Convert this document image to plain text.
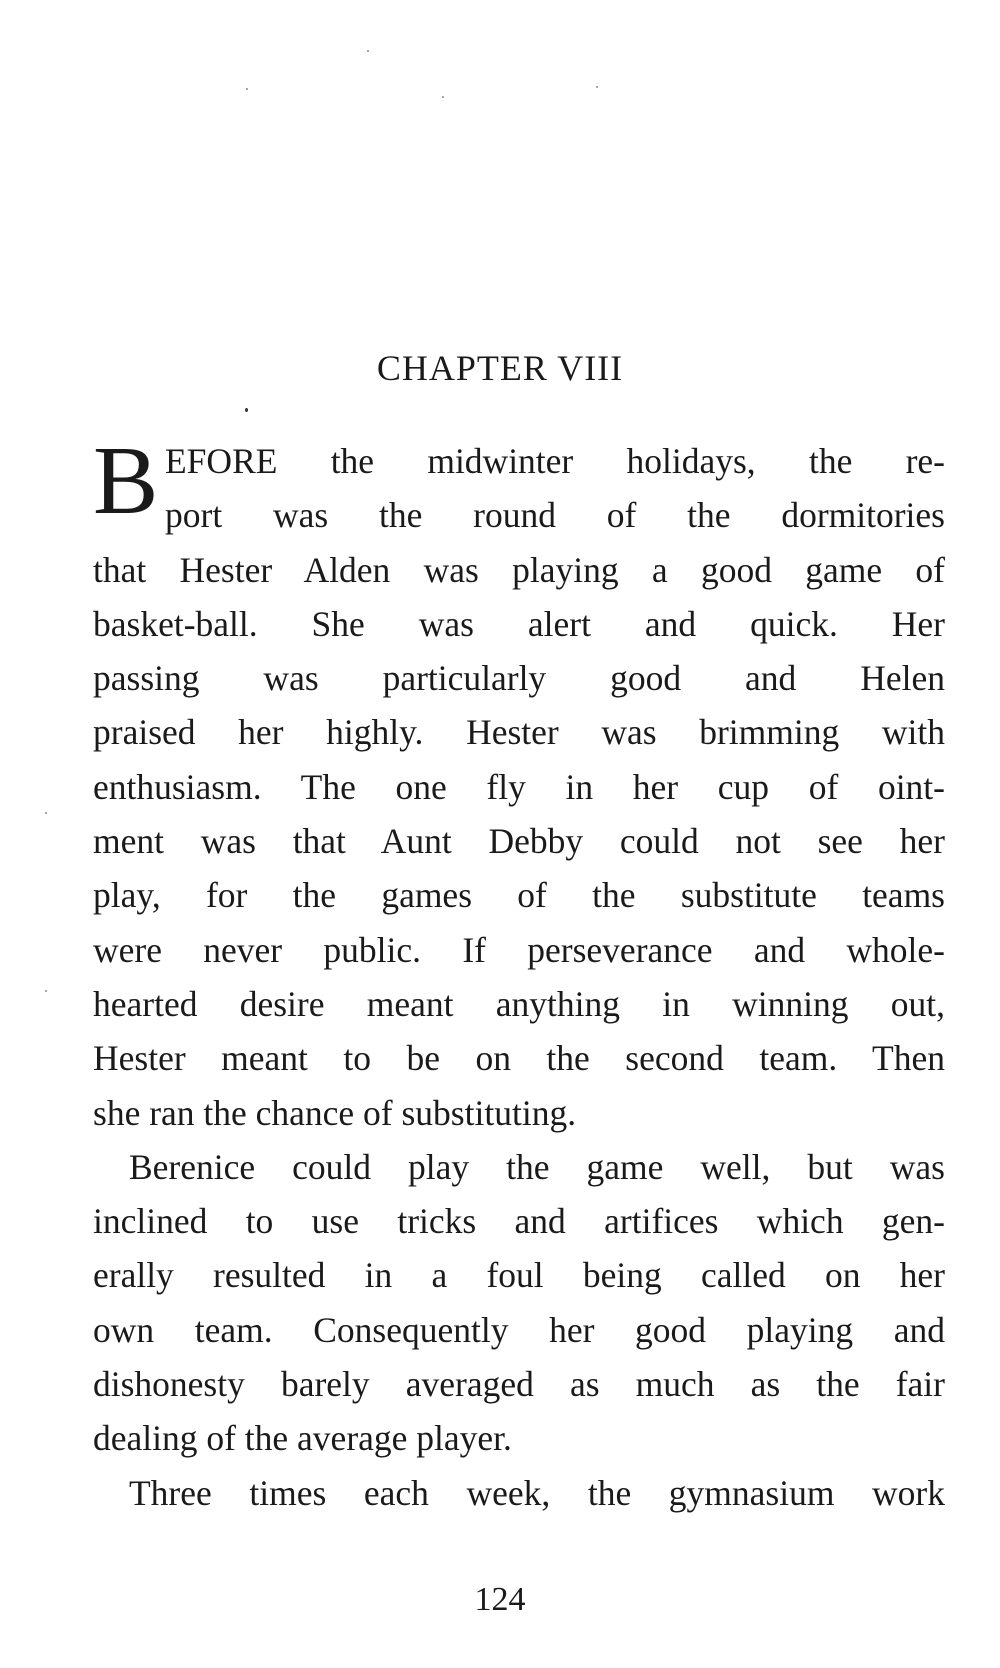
CHAPTER VIII
B EFORE the midwinter holidays, the re-
port was the round of the dormitories
that Hester Alden was playing a good game of
basket-ball. She was alert and quick. Her
passing was particularly good and Helen
praised her highly. Hester was brimming with
enthusiasm. The one fly in her cup of oint-
ment was that Aunt Debby could not see her
play, for the games of the substitute teams
were never public. If perseverance and whole-
hearted desire meant anything in winning out,
Hester meant to be on the second team. Then
she ran the chance of substituting.
Berenice could play the game well, but was
inclined to use tricks and artifices which gen-
erally resulted in a foul being called on her
own team. Consequently her good playing and
dishonesty barely averaged as much as the fair
dealing of the average player.
Three times each week, the gymnasium work
124
